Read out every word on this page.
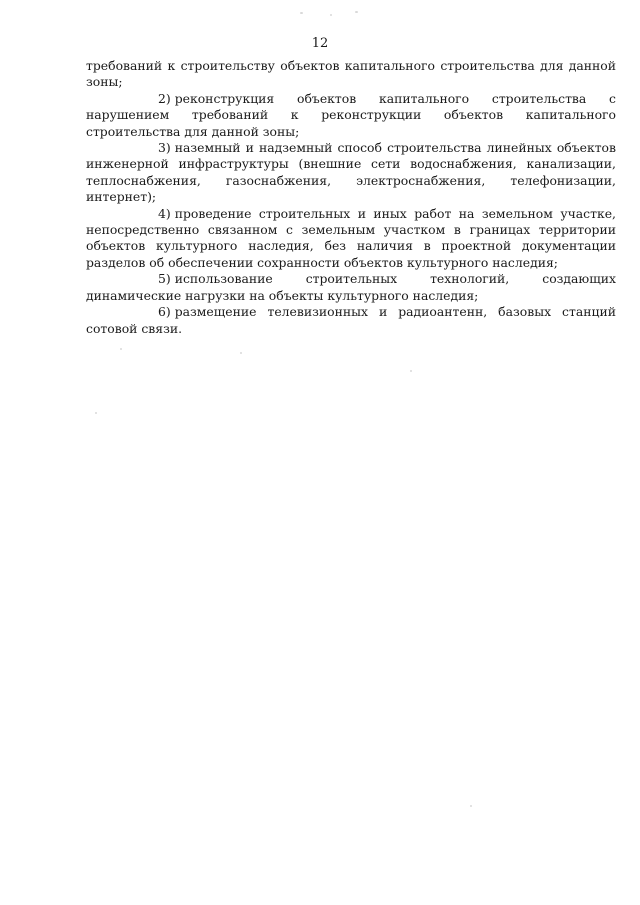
12

требований к строительству объектов капитального строительства для данной зоны;

2) реконструкция объектов капитального строительства с нарушением требований к реконструкции объектов капитального строительства для данной зоны;

3) наземный и надземный способ строительства линейных объектов инженерной инфраструктуры (внешние сети водоснабжения, канализации, теплоснабжения, газоснабжения, электроснабжения, телефонизации, интернет);

4) проведение строительных и иных работ на земельном участке, непосредственно связанном с земельным участком в границах территории объектов культурного наследия, без наличия в проектной документации разделов об обеспечении сохранности объектов культурного наследия;

5) использование строительных технологий, создающих динамические нагрузки на объекты культурного наследия;

6) размещение телевизионных и радиоантенн, базовых станций сотовой связи.
